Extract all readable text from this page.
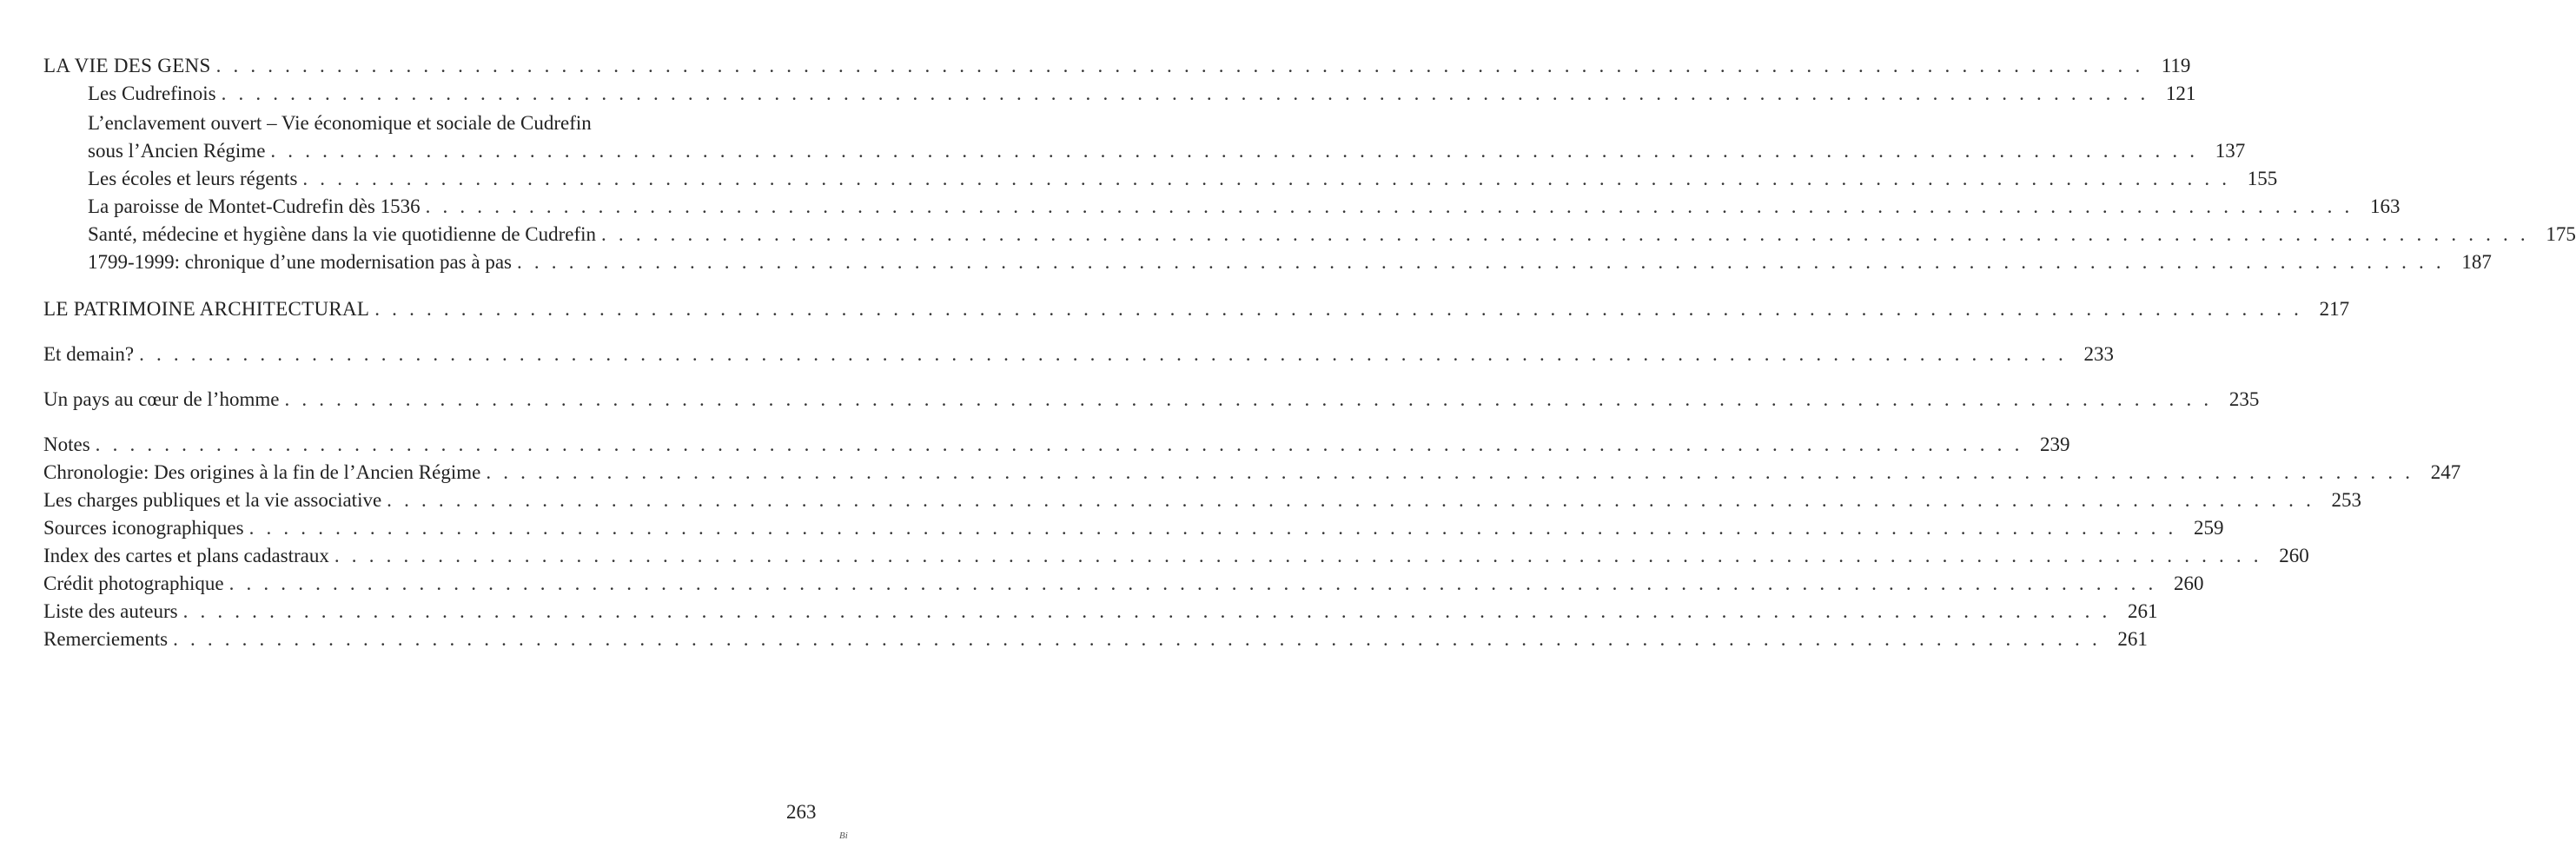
LA VIE DES GENS . . . . . . . . . . . . . . . . . . . . . . . . . . . . . . . . . . . . . . . . . . . . . . . . . . . . . . . . . . . . . . . . . . . . . . . . . . . . . . . . . . . . . . . . . . . . . . . . . . . . . . . . . . . . . . . . 119
Les Cudrefinois . . . . . . . . . . . . . . . . . . . . . . . . . . . . . . . . . . . . . . . . . . . . . . . . . . . . . . . . . . . . . . . . . . . . . . . . . . . . . . . . . . . . . . . . . . . . . . . . . . . . . . . . . . . . . . . . 121
L’enclavement ouvert – Vie économique et sociale de Cudrefin
sous l’Ancien Régime . . . . . . . . . . . . . . . . . . . . . . . . . . . . . . . . . . . . . . . . . . . . . . . . . . . . . . . . . . . . . . . . . . . . . . . . . . . . . . . . . . . . . . . . . . . . . . . . . . . . . . . . . . . . . . . . 137
Les écoles et leurs régents . . . . . . . . . . . . . . . . . . . . . . . . . . . . . . . . . . . . . . . . . . . . . . . . . . . . . . . . . . . . . . . . . . . . . . . . . . . . . . . . . . . . . . . . . . . . . . . . . . . . . . . . . . . . . . . . 155
La paroisse de Montet-Cudrefin dès 1536 . . . . . . . . . . . . . . . . . . . . . . . . . . . . . . . . . . . . . . . . . . . . . . . . . . . . . . . . . . . . . . . . . . . . . . . . . . . . . . . . . . . . . . . . . . . . . . . . . . . . . . . . . . . . . . . . 163
Santé, médecine et hygiène dans la vie quotidienne de Cudrefin . . . . . . . . . . . . . . . . . . . . . . . . . . . . . . . . . . . . . . . . . . . . . . . . . . . . . . . . . . . . . . . . . . . . . . . . . . . . . . . . . . . . . . . . . . . . . . . . . . . . . . . . . . . . . . . . 175
1799-1999: chronique d’une modernisation pas à pas . . . . . . . . . . . . . . . . . . . . . . . . . . . . . . . . . . . . . . . . . . . . . . . . . . . . . . . . . . . . . . . . . . . . . . . . . . . . . . . . . . . . . . . . . . . . . . . . . . . . . . . . . . . . . . . . 187
LE PATRIMOINE ARCHITECTURAL . . . . . . . . . . . . . . . . . . . . . . . . . . . . . . . . . . . . . . . . . . . . . . . . . . . . . . . . . . . . . . . . . . . . . . . . . . . . . . . . . . . . . . . . . . . . . . . . . . . . . . . . . . . . . . . . 217
Et demain? . . . . . . . . . . . . . . . . . . . . . . . . . . . . . . . . . . . . . . . . . . . . . . . . . . . . . . . . . . . . . . . . . . . . . . . . . . . . . . . . . . . . . . . . . . . . . . . . . . . . . . . . . . . . . . . . 233
Un pays au cœur de l’homme . . . . . . . . . . . . . . . . . . . . . . . . . . . . . . . . . . . . . . . . . . . . . . . . . . . . . . . . . . . . . . . . . . . . . . . . . . . . . . . . . . . . . . . . . . . . . . . . . . . . . . . . . . . . . . . . 235
Notes . . . . . . . . . . . . . . . . . . . . . . . . . . . . . . . . . . . . . . . . . . . . . . . . . . . . . . . . . . . . . . . . . . . . . . . . . . . . . . . . . . . . . . . . . . . . . . . . . . . . . . . . . . . . . . . . 239
Chronologie: Des origines à la fin de l’Ancien Régime . . . . . . . . . . . . . . . . . . . . . . . . . . . . . . . . . . . . . . . . . . . . . . . . . . . . . . . . . . . . . . . . . . . . . . . . . . . . . . . . . . . . . . . . . . . . . . . . . . . . . . . . . . . . . . . . 247
Les charges publiques et la vie associative . . . . . . . . . . . . . . . . . . . . . . . . . . . . . . . . . . . . . . . . . . . . . . . . . . . . . . . . . . . . . . . . . . . . . . . . . . . . . . . . . . . . . . . . . . . . . . . . . . . . . . . . . . . . . . . . 253
Sources iconographiques . . . . . . . . . . . . . . . . . . . . . . . . . . . . . . . . . . . . . . . . . . . . . . . . . . . . . . . . . . . . . . . . . . . . . . . . . . . . . . . . . . . . . . . . . . . . . . . . . . . . . . . . . . . . . . . . 259
Index des cartes et plans cadastraux . . . . . . . . . . . . . . . . . . . . . . . . . . . . . . . . . . . . . . . . . . . . . . . . . . . . . . . . . . . . . . . . . . . . . . . . . . . . . . . . . . . . . . . . . . . . . . . . . . . . . . . . . . . . . . . . 260
Crédit photographique . . . . . . . . . . . . . . . . . . . . . . . . . . . . . . . . . . . . . . . . . . . . . . . . . . . . . . . . . . . . . . . . . . . . . . . . . . . . . . . . . . . . . . . . . . . . . . . . . . . . . . . . . . . . . . . . 260
Liste des auteurs . . . . . . . . . . . . . . . . . . . . . . . . . . . . . . . . . . . . . . . . . . . . . . . . . . . . . . . . . . . . . . . . . . . . . . . . . . . . . . . . . . . . . . . . . . . . . . . . . . . . . . . . . . . . . . . . 261
Remerciements . . . . . . . . . . . . . . . . . . . . . . . . . . . . . . . . . . . . . . . . . . . . . . . . . . . . . . . . . . . . . . . . . . . . . . . . . . . . . . . . . . . . . . . . . . . . . . . . . . . . . . . . . . . . . . . . 261
263
Bi
